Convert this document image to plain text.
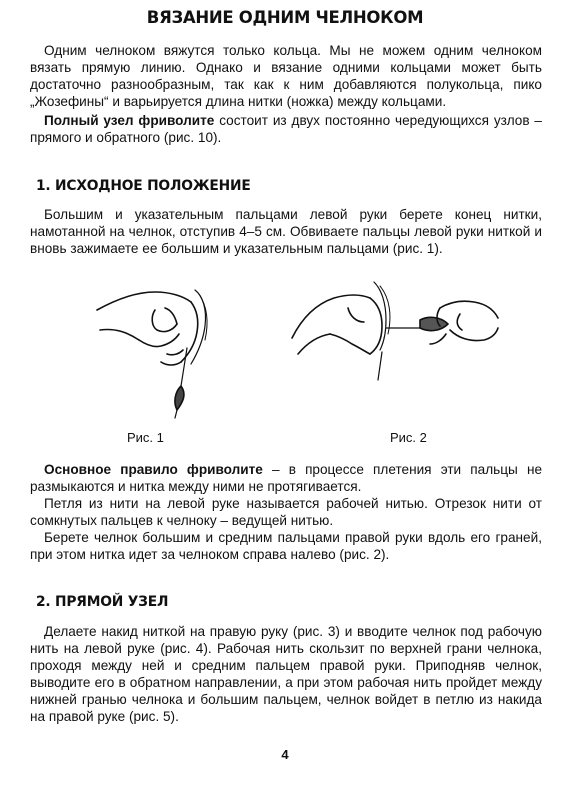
ВЯЗАНИЕ ОДНИМ ЧЕЛНОКОМ

Одним челноком вяжутся только кольца. Мы не можем одним челноком вязать прямую линию. Однако и вязание одними кольцами может быть достаточно разнообразным, так как к ним добавляются полукольца, пико „Жозефины“ и варьируется длина нитки (ножка) между кольцами.

Полный узел фриволите состоит из двух постоянно чередующихся узлов – прямого и обратного (рис. 10).

1. ИСХОДНОЕ ПОЛОЖЕНИЕ

Большим и указательным пальцами левой руки берете конец нитки, намотанной на челнок, отступив 4–5 см. Обвиваете пальцы левой руки ниткой и вновь зажимаете ее большим и указательным пальцами (рис. 1).

Рис. 1	Рис. 2

Основное правило фриволите – в процессе плетения эти пальцы не размыкаются и нитка между ними не протягивается.

Петля из нити на левой руке называется рабочей нитью. Отрезок нити от сомкнутых пальцев к челноку – ведущей нитью.

Берете челнок большим и средним пальцами правой руки вдоль его граней, при этом нитка идет за челноком справа налево (рис. 2).

2. ПРЯМОЙ УЗЕЛ

Делаете накид ниткой на правую руку (рис. 3) и вводите челнок под рабочую нить на левой руке (рис. 4). Рабочая нить скользит по верхней грани челнока, проходя между ней и средним пальцем правой руки. Приподняв челнок, выводите его в обратном направлении, а при этом рабочая нить пройдет между нижней гранью челнока и большим пальцем, челнок войдет в петлю из накида на правой руке (рис. 5).

4
